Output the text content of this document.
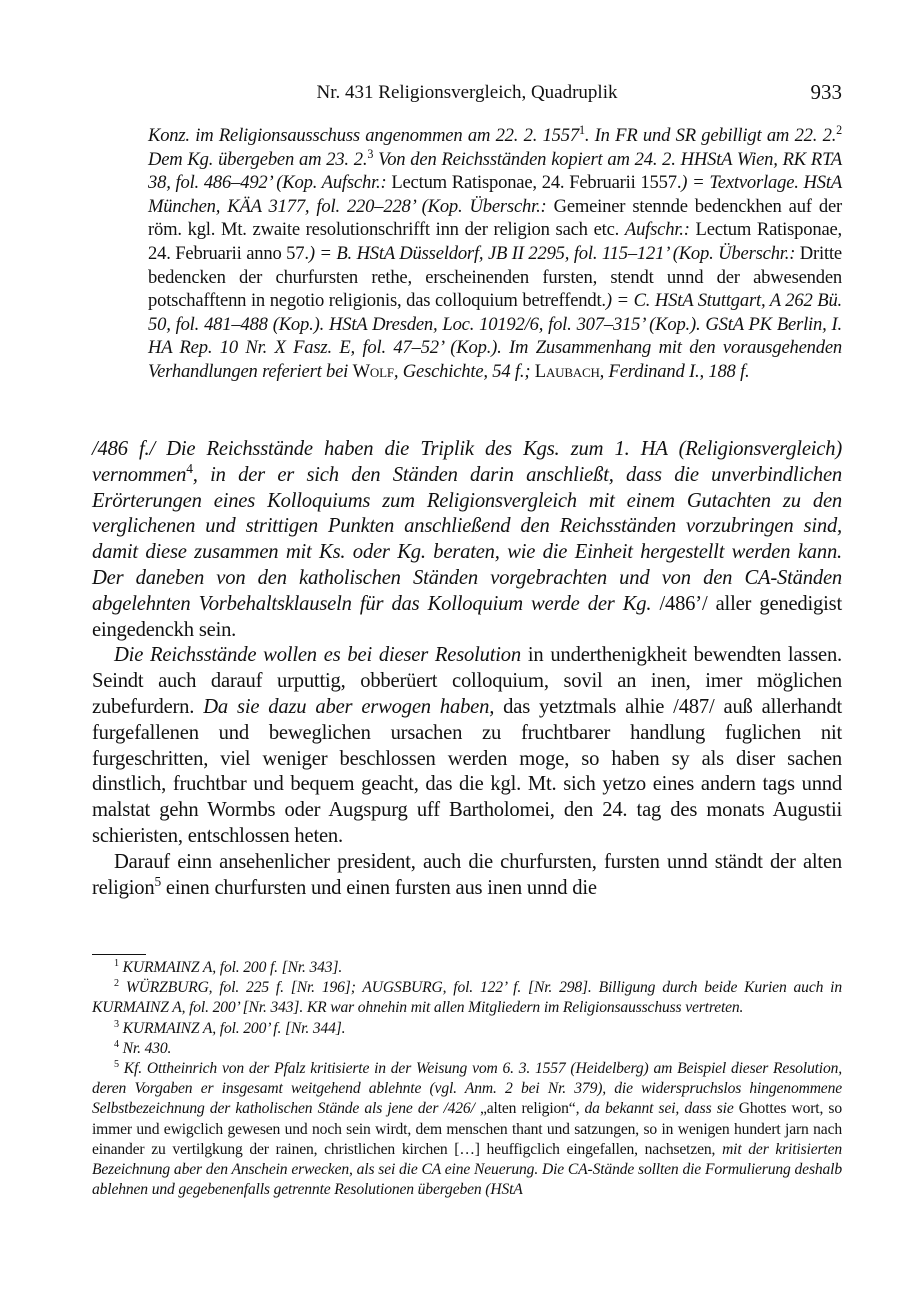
Nr. 431 Religionsvergleich, Quadruplik	933
Konz. im Religionsausschuss angenommen am 22. 2. 1557$^1$. In FR und SR gebilligt am 22. 2.$^2$ Dem Kg. übergeben am 23. 2.$^3$ Von den Reichsständen kopiert am 24. 2. HHStA Wien, RK RTA 38, fol. 486–492’ (Kop. Aufschr.: Lectum Ratisponae, 24. Februarii 1557.) = Textvorlage. HStA München, KÄA 3177, fol. 220–228’ (Kop. Überschr.: Gemeiner stennde bedenckhen auf der röm. kgl. Mt. zwaite resolutionschrifft inn der religion sach etc. Aufschr.: Lectum Ratisponae, 24. Februarii anno 57.) = B. HStA Düsseldorf, JB II 2295, fol. 115–121’ (Kop. Überschr.: Dritte bedencken der churfursten rethe, erscheinenden fursten, stendt unnd der abwesenden potschafftenn in negotio religionis, das colloquium betreffendt.) = C. HStA Stuttgart, A 262 Bü. 50, fol. 481–488 (Kop.). HStA Dresden, Loc. 10192/6, fol. 307–315’ (Kop.). GStA PK Berlin, I. HA Rep. 10 Nr. X Fasz. E, fol. 47–52’ (Kop.). Im Zusammenhang mit den vorausgehenden Verhandlungen referiert bei Wolf, Geschichte, 54 f.; Laubach, Ferdinand I., 188 f.

/486 f./ Die Reichsstände haben die Triplik des Kgs. zum 1. HA (Religionsvergleich) vernommen$^4$, in der er sich den Ständen darin anschließt, dass die unverbindlichen Erörterungen eines Kolloquiums zum Religionsvergleich mit einem Gutachten zu den verglichenen und strittigen Punkten anschließend den Reichsständen vorzubringen sind, damit diese zusammen mit Ks. oder Kg. beraten, wie die Einheit hergestellt werden kann. Der daneben von den katholischen Ständen vorgebrachten und von den CA-Ständen abgelehnten Vorbehaltsklauseln für das Kolloquium werde der Kg. /486’/ aller genedigist eingedenckh sein.

Die Reichsstände wollen es bei dieser Resolution in underthenigkheit bewendten lassen. Seindt auch darauf urputtig, obberüert colloquium, sovil an inen, imer möglichen zubefurdern. Da sie dazu aber erwogen haben, das yetztmals alhie /487/ auß allerhandt furgefallenen und beweglichen ursachen zu fruchtbarer handlung fuglichen nit furgeschritten, viel weniger beschlossen werden moge, so haben sy als diser sachen dinstlich, fruchtbar und bequem geacht, das die kgl. Mt. sich yetzo eines andern tags unnd malstat gehn Wormbs oder Augspurg uff Bartholomei, den 24. tag des monats Augustii schieristen, entschlossen heten.

Darauf einn ansehenlicher president, auch die churfursten, fursten unnd ständt der alten religion$^5$ einen churfursten und einen fursten aus inen unnd die

$^1$ KURMAINZ A, fol. 200 f. [Nr. 343].

$^2$ WÜRZBURG, fol. 225 f. [Nr. 196]; AUGSBURG, fol. 122’ f. [Nr. 298]. Billigung durch beide Kurien auch in KURMAINZ A, fol. 200’ [Nr. 343]. KR war ohnehin mit allen Mitgliedern im Religionsausschuss vertreten.

$^3$ KURMAINZ A, fol. 200’ f. [Nr. 344].

$^4$ Nr. 430.

$^5$ Kf. Ottheinrich von der Pfalz kritisierte in der Weisung vom 6. 3. 1557 (Heidelberg) am Beispiel dieser Resolution, deren Vorgaben er insgesamt weitgehend ablehnte (vgl. Anm. 2 bei Nr. 379), die widerspruchslos hingenommene Selbstbezeichnung der katholischen Stände als jene der /426/ „alten religion“, da bekannt sei, dass sie Ghottes wort, so immer und ewigclich gewesen und noch sein wirdt, dem menschen thant und satzungen, so in wenigen hundert jarn nach einander zu vertilgkung der rainen, christlichen kirchen […] heuffigclich eingefallen, nachsetzen, mit der kritisierten Bezeichnung aber den Anschein erwecken, als sei die CA eine Neuerung. Die CA-Stände sollten die Formulierung deshalb ablehnen und gegebenenfalls getrennte Resolutionen übergeben (HStA
